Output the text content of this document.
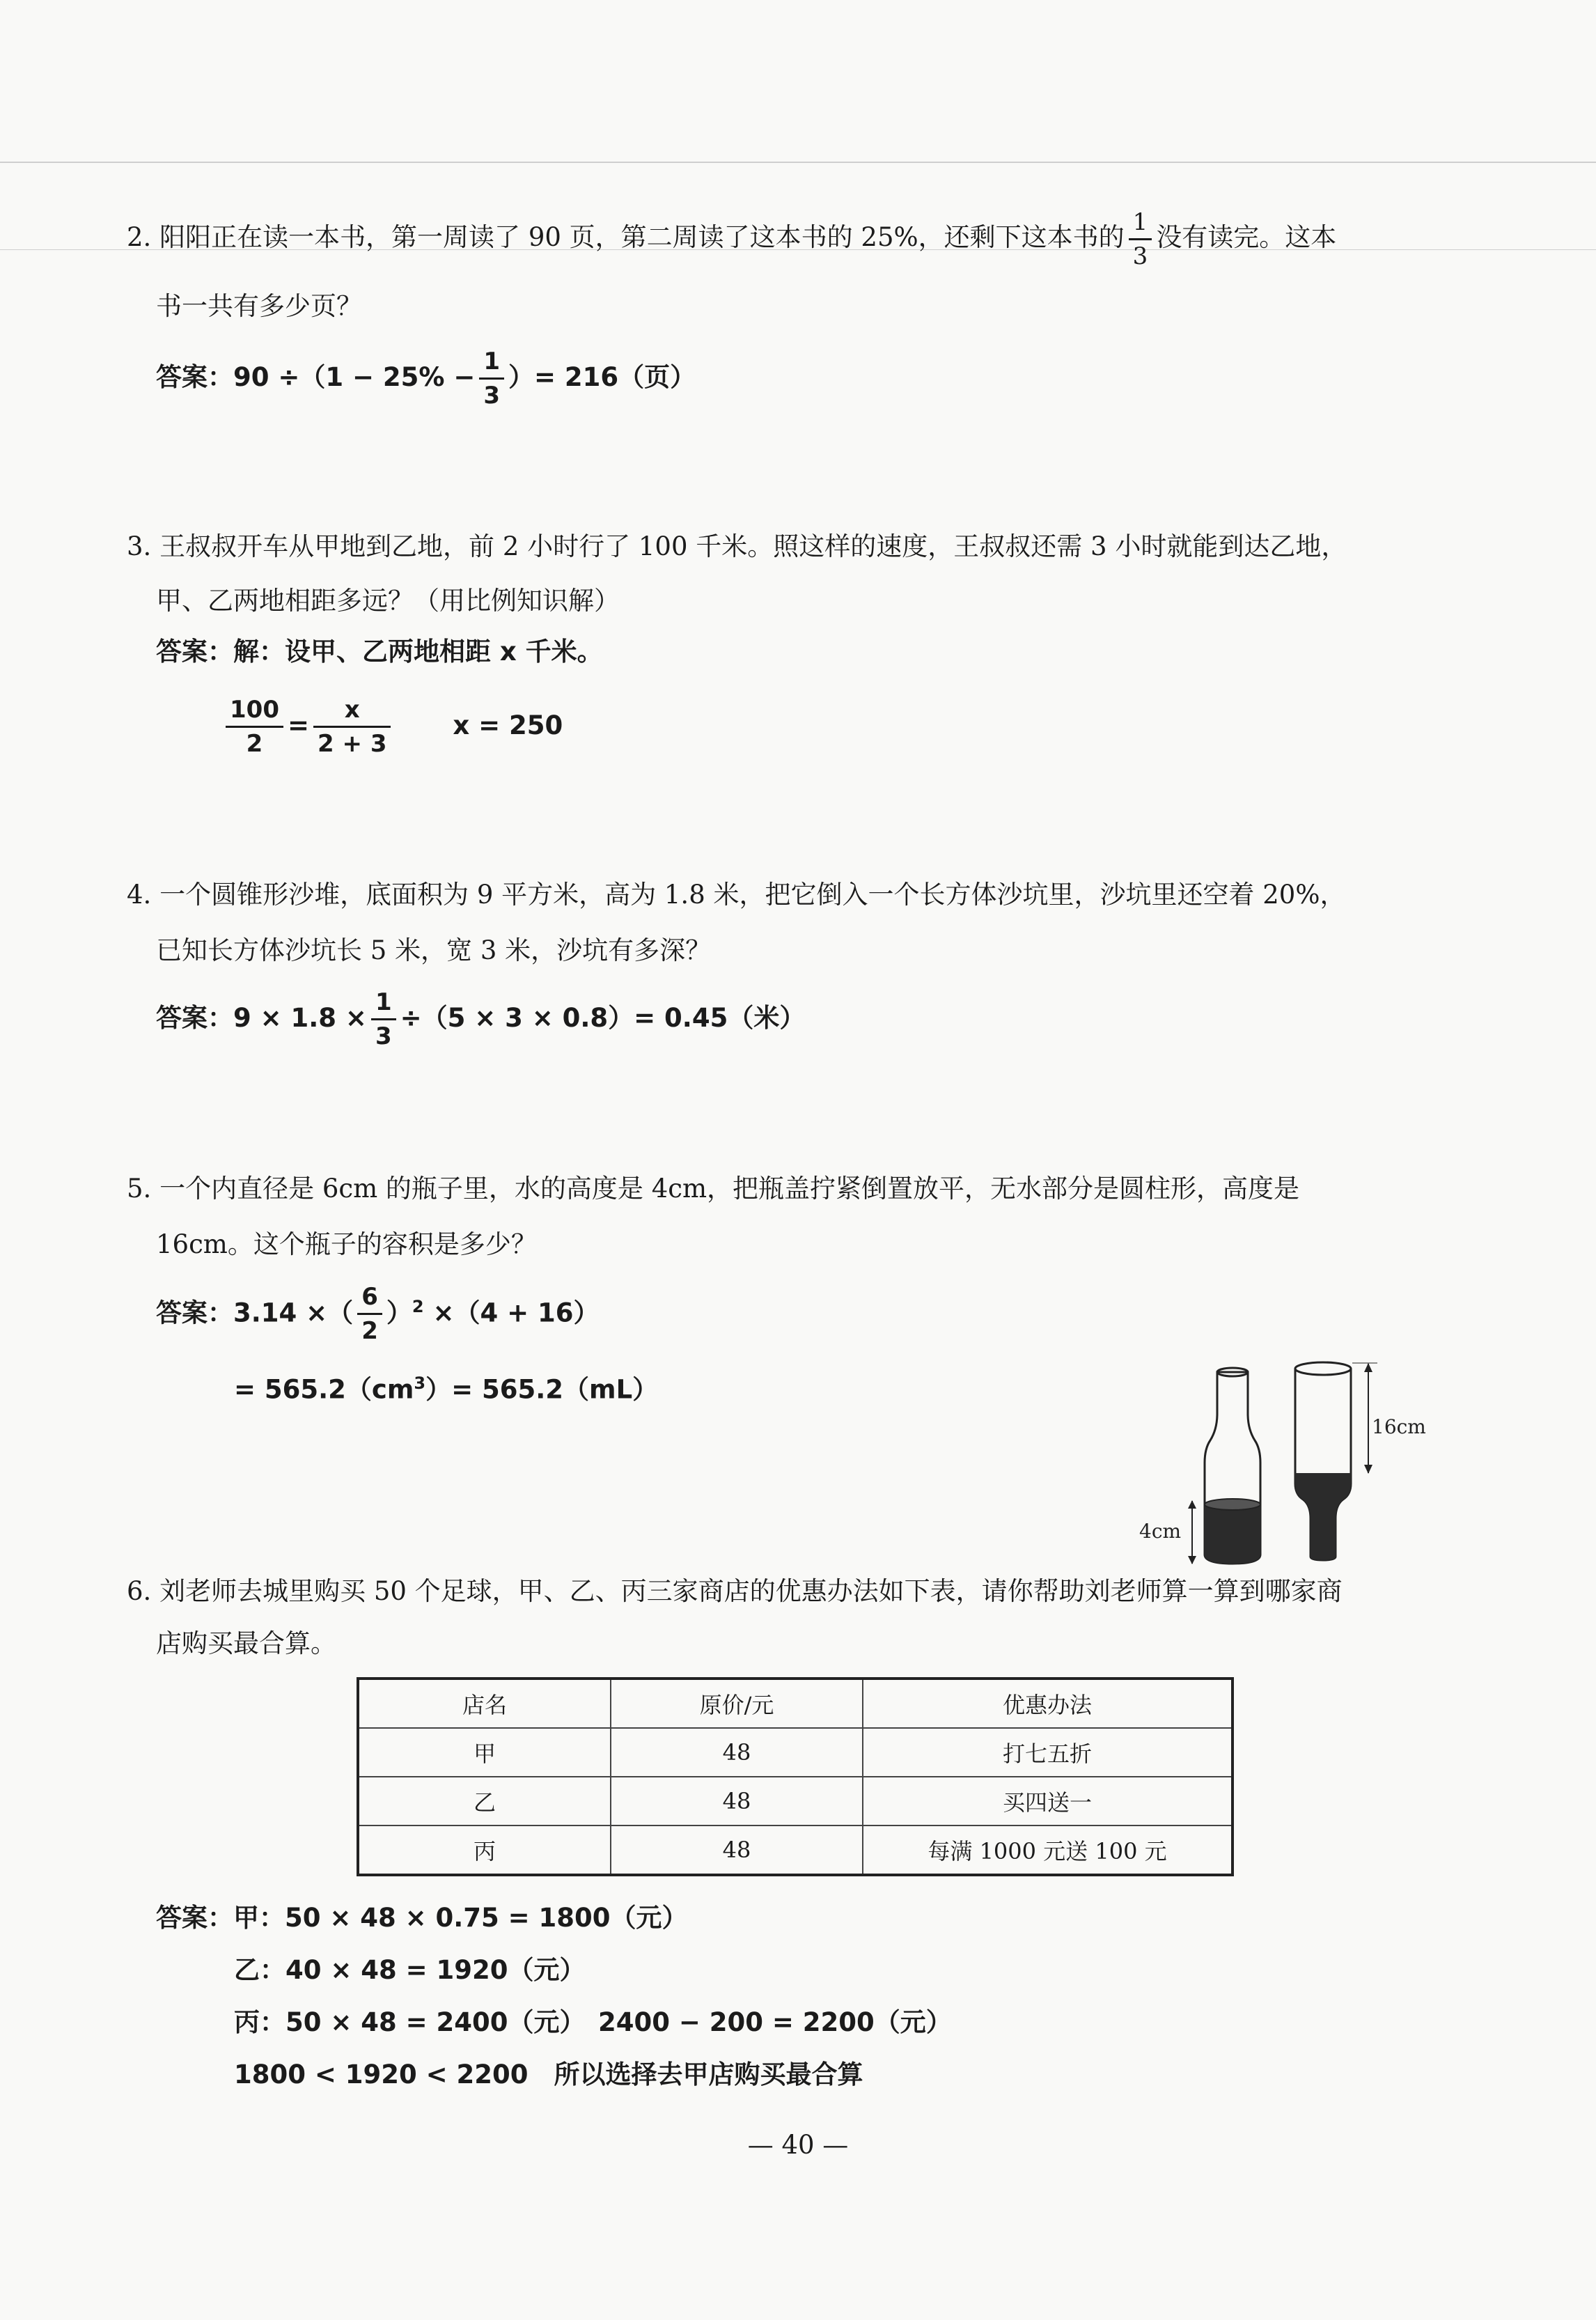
2. 阳阳正在读一本书，第一周读了 90 页，第二周读了这本书的 25%，还剩下这本书的 $\frac{1}{3}$ 没有读完。这本
书一共有多少页？
答案：$90 \div(1 - 25\% - \frac{1}{3}$ ）= 216（页）
3. 王叔叔开车从甲地到乙地，前 2 小时行了 100 千米。照这样的速度，王叔叔还需 3 小时就能到达乙地，
甲、乙两地相距多远？（用比例知识解）
答案：解：设甲、乙两地相距 x 千米。
$\frac{100}{2} = \frac{x}{2 + 3}$ x = 250
4. 一个圆锥形沙堆，底面积为 9 平方米，高为 1.8 米，把它倒入一个长方体沙坑里，沙坑里还空着 20%，
已知长方体沙坑长 5 米，宽 3 米，沙坑有多深？
答案：$9 \times 1.8 \times \frac{1}{3} \div(5 \times 3 \times 0.8)= 0.45$（米）
5. 一个内直径是 6cm 的瓶子里，水的高度是 4cm，把瓶盖拧紧倒置放平，无水部分是圆柱形，高度是
16cm。这个瓶子的容积是多少？
答案：3.14 ×（ $\frac{6}{2} )^2 \times(4 + 16)$
= $565.2(cm^3)= 565.2(mL)$
4cm
16cm
6. 刘老师去城里购买 50 个足球，甲、乙、丙三家商店的优惠办法如下表，请你帮助刘老师算一算到哪家商
店购买最合算。
店名	原价/元	优惠办法
甲	48	打七五折
乙	48	买四送一
丙	48	每满 1000 元送 100 元
答案：甲：50 × 48 × 0.75 = 1800（元）
乙：40 × 48 = 1920（元）
丙：50 × 48 = 2400（元）　2400 − 200 = 2200（元）
1800 < 1920 < 2200　所以选择去甲店购买最合算
— 40 —
